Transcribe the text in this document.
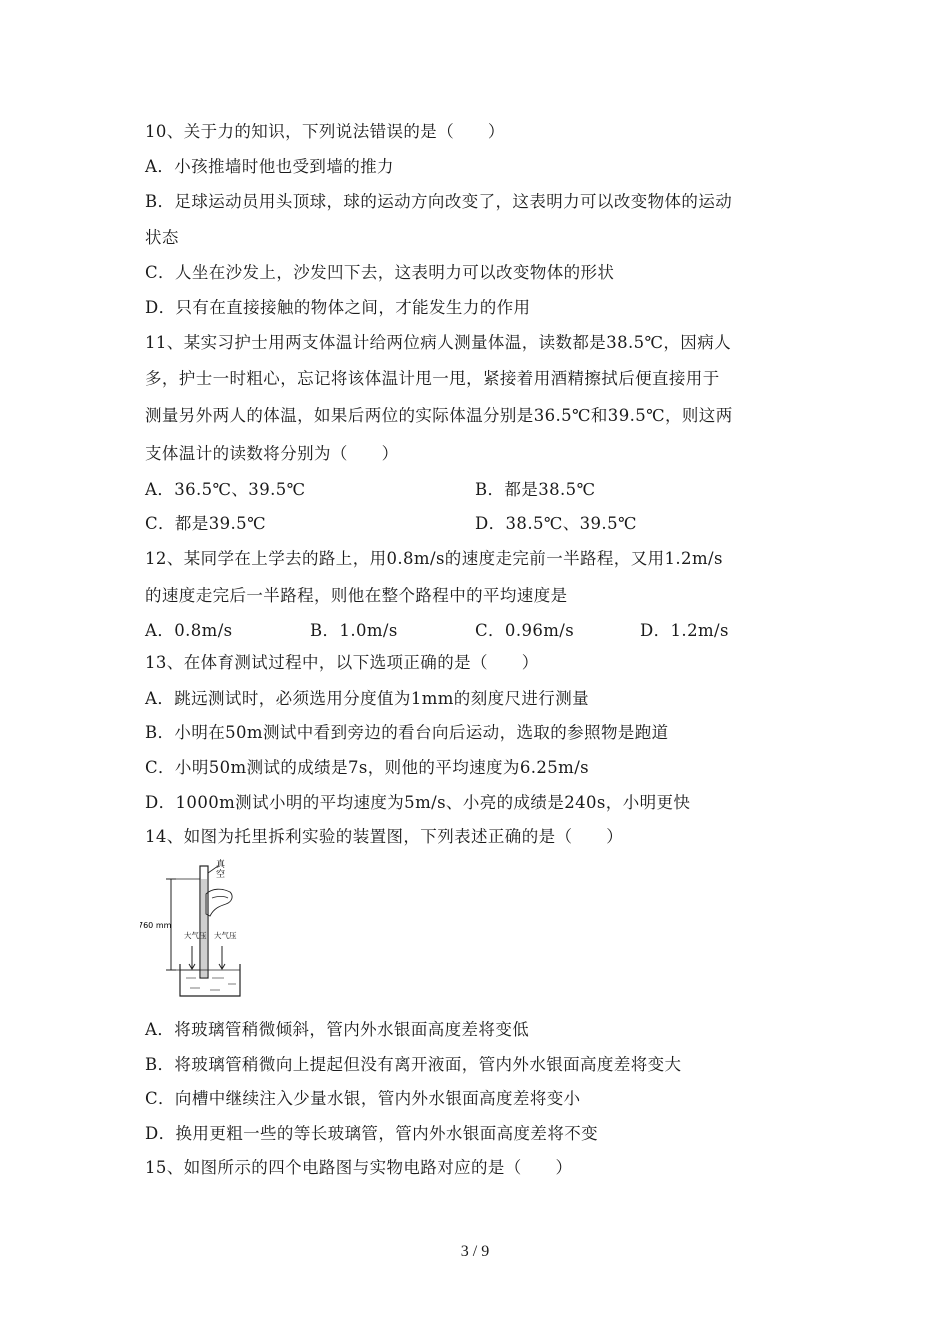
10、关于力的知识，下列说法错误的是（　　）
A．小孩推墙时他也受到墙的推力
B．足球运动员用头顶球，球的运动方向改变了，这表明力可以改变物体的运动
状态
C．人坐在沙发上，沙发凹下去，这表明力可以改变物体的形状
D．只有在直接接触的物体之间，才能发生力的作用
11、某实习护士用两支体温计给两位病人测量体温，读数都是38.5℃，因病人
多，护士一时粗心，忘记将该体温计甩一甩，紧接着用酒精擦拭后便直接用于
测量另外两人的体温，如果后两位的实际体温分别是36.5℃和39.5℃，则这两
支体温计的读数将分别为（　　）
A．36.5℃、39.5℃	B．都是38.5℃
C．都是39.5℃	D．38.5℃、39.5℃
12、某同学在上学去的路上，用0.8m/s的速度走完前一半路程，又用1.2m/s
的速度走完后一半路程，则他在整个路程中的平均速度是
A．0.8m/s	B．1.0m/s	C．0.96m/s	D．1.2m/s
13、在体育测试过程中，以下选项正确的是（　　）
A．跳远测试时，必须选用分度值为1mm的刻度尺进行测量
B．小明在50m测试中看到旁边的看台向后运动，选取的参照物是跑道
C．小明50m测试的成绩是7s，则他的平均速度为6.25m/s
D．1000m测试小明的平均速度为5m/s、小亮的成绩是240s，小明更快
14、如图为托里拆利实验的装置图，下列表述正确的是（　　）
真
空
760 mm
大气压 大气压
A．将玻璃管稍微倾斜，管内外水银面高度差将变低
B．将玻璃管稍微向上提起但没有离开液面，管内外水银面高度差将变大
C．向槽中继续注入少量水银，管内外水银面高度差将变小
D．换用更粗一些的等长玻璃管，管内外水银面高度差将不变
15、如图所示的四个电路图与实物电路对应的是（　　）
3 / 9
